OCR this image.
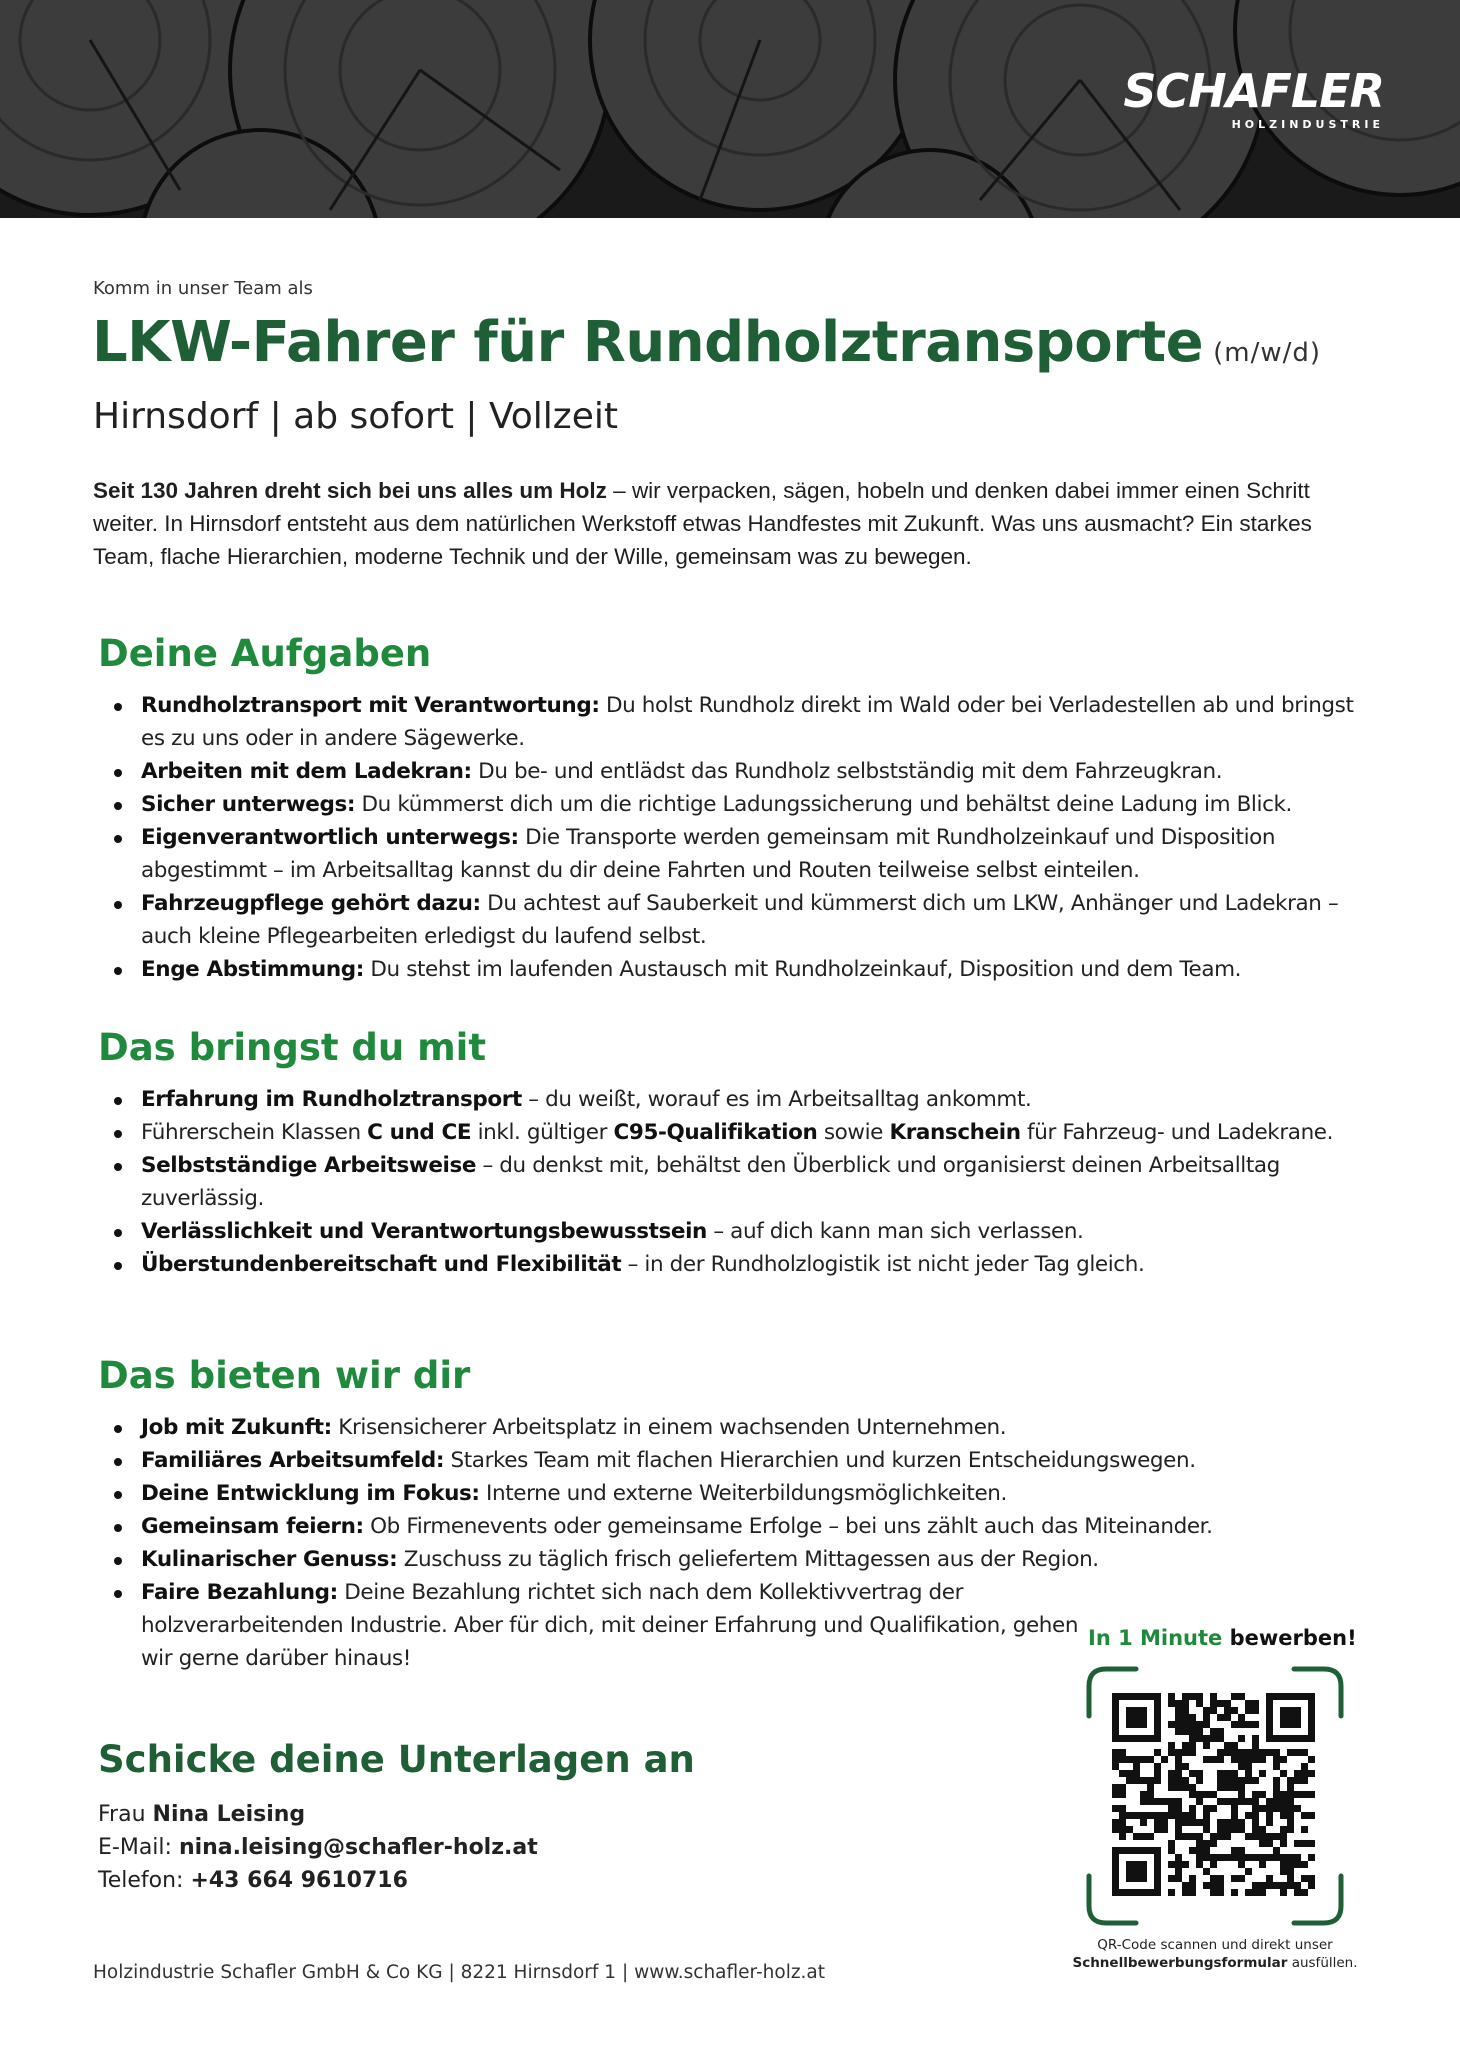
SCHAFLER
HOLZINDUSTRIE
Komm in unser Team als
LKW-Fahrer für Rundholztransporte (m/w/d)
Hirnsdorf | ab sofort | Vollzeit
Seit 130 Jahren dreht sich bei uns alles um Holz – wir verpacken, sägen, hobeln und denken dabei immer einen Schritt weiter. In Hirnsdorf entsteht aus dem natürlichen Werkstoff etwas Handfestes mit Zukunft. Was uns ausmacht? Ein starkes Team, flache Hierarchien, moderne Technik und der Wille, gemeinsam was zu bewegen.
Deine Aufgaben
Rundholztransport mit Verantwortung: Du holst Rundholz direkt im Wald oder bei Verladestellen ab und bringst es zu uns oder in andere Sägewerke.
Arbeiten mit dem Ladekran: Du be- und entlädst das Rundholz selbstständig mit dem Fahrzeugkran.
Sicher unterwegs: Du kümmerst dich um die richtige Ladungssicherung und behältst deine Ladung im Blick.
Eigenverantwortlich unterwegs: Die Transporte werden gemeinsam mit Rundholzeinkauf und Disposition abgestimmt – im Arbeitsalltag kannst du dir deine Fahrten und Routen teilweise selbst einteilen.
Fahrzeugpflege gehört dazu: Du achtest auf Sauberkeit und kümmerst dich um LKW, Anhänger und Ladekran – auch kleine Pflegearbeiten erledigst du laufend selbst.
Enge Abstimmung: Du stehst im laufenden Austausch mit Rundholzeinkauf, Disposition und dem Team.
Das bringst du mit
Erfahrung im Rundholztransport – du weißt, worauf es im Arbeitsalltag ankommt.
Führerschein Klassen C und CE inkl. gültiger C95-Qualifikation sowie Kranschein für Fahrzeug- und Ladekrane.
Selbstständige Arbeitsweise – du denkst mit, behältst den Überblick und organisierst deinen Arbeitsalltag zuverlässig.
Verlässlichkeit und Verantwortungsbewusstsein – auf dich kann man sich verlassen.
Überstundenbereitschaft und Flexibilität – in der Rundholzlogistik ist nicht jeder Tag gleich.
Das bieten wir dir
Job mit Zukunft: Krisensicherer Arbeitsplatz in einem wachsenden Unternehmen.
Familiäres Arbeitsumfeld: Starkes Team mit flachen Hierarchien und kurzen Entscheidungswegen.
Deine Entwicklung im Fokus: Interne und externe Weiterbildungsmöglichkeiten.
Gemeinsam feiern: Ob Firmenevents oder gemeinsame Erfolge – bei uns zählt auch das Miteinander.
Kulinarischer Genuss: Zuschuss zu täglich frisch geliefertem Mittagessen aus der Region.
Faire Bezahlung: Deine Bezahlung richtet sich nach dem Kollektivvertrag der holzverarbeitenden Industrie. Aber für dich, mit deiner Erfahrung und Qualifikation, gehen wir gerne darüber hinaus!
Schicke deine Unterlagen an
Frau Nina Leising
E-Mail: nina.leising@schafler-holz.at
Telefon: +43 664 9610716
In 1 Minute bewerben!
QR-Code scannen und direkt unser
Schnellbewerbungsformular ausfüllen.
Holzindustrie Schafler GmbH & Co KG | 8221 Hirnsdorf 1 | www.schafler-holz.at
